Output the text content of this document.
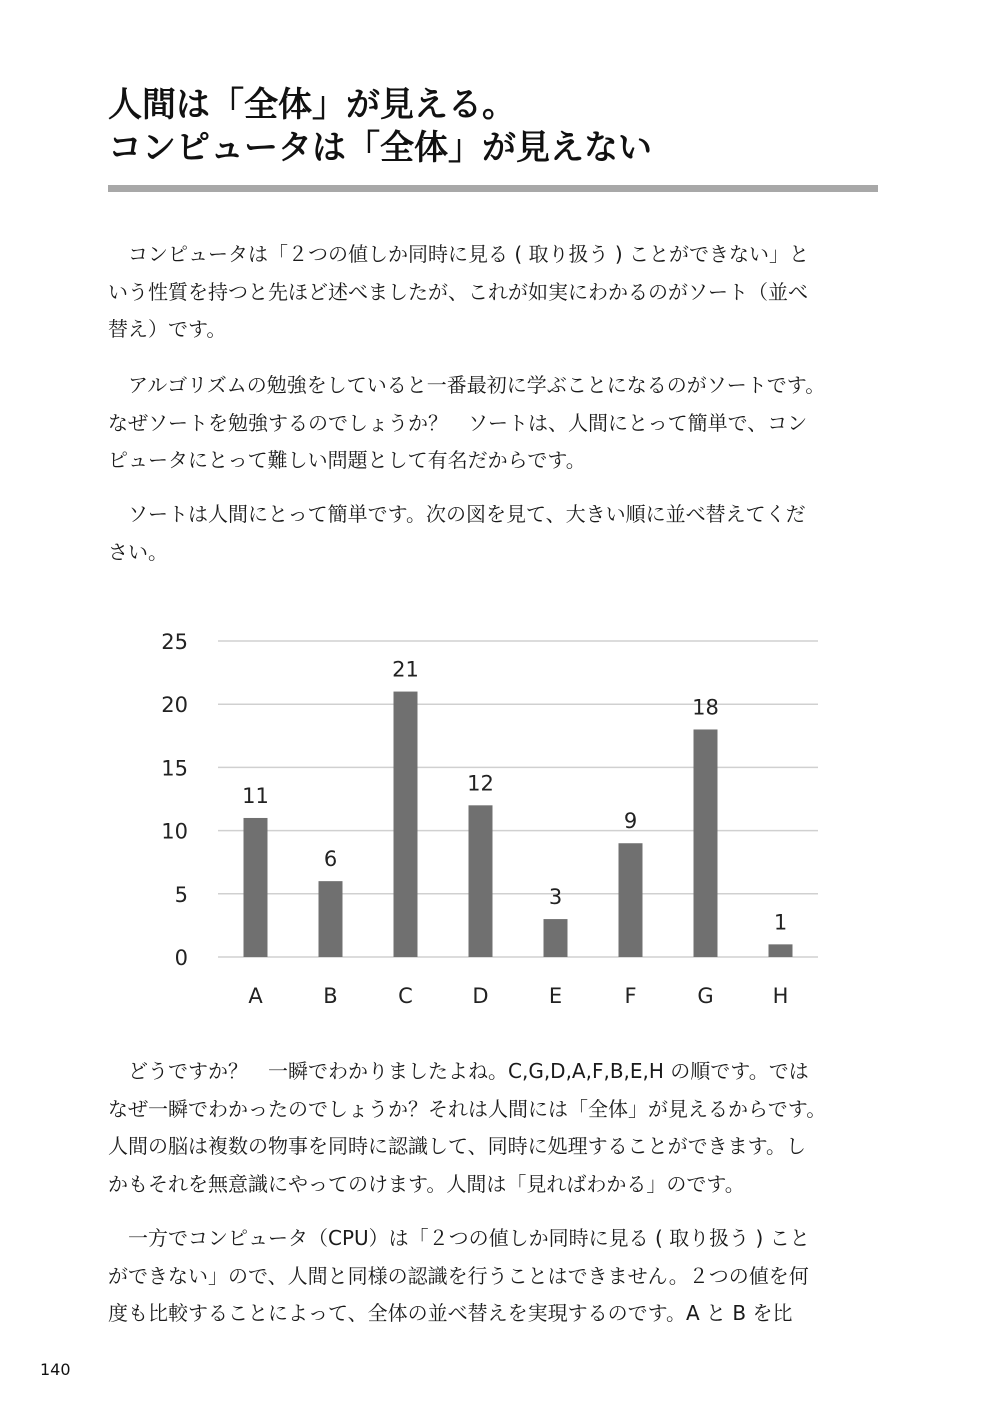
人間は「全体」が見える。
コンピュータは「全体」が見えない

　コンピュータは「２つの値しか同時に見る ( 取り扱う ) ことができない」と
いう性質を持つと先ほど述べましたが、これが如実にわかるのがソート（並べ
替え）です。

　アルゴリズムの勉強をしていると一番最初に学ぶことになるのがソートです。
なぜソートを勉強するのでしょうか？　ソートは、人間にとって簡単で、コン
ピュータにとって難しい問題として有名だからです。

　ソートは人間にとって簡単です。次の図を見て、大きい順に並べ替えてくだ
さい。

0
5
10
15
20
25
11
A
6
B
21
C
12
D
3
E
9
F
18
G
1
H

　どうですか？　一瞬でわかりましたよね。C,G,D,A,F,B,E,H の順です。では
なぜ一瞬でわかったのでしょうか？それは人間には「全体」が見えるからです。
人間の脳は複数の物事を同時に認識して、同時に処理することができます。し
かもそれを無意識にやってのけます。人間は「見ればわかる」のです。

　一方でコンピュータ（CPU）は「２つの値しか同時に見る ( 取り扱う ) こと
ができない」ので、人間と同様の認識を行うことはできません。２つの値を何
度も比較することによって、全体の並べ替えを実現するのです。A と B を比

140
